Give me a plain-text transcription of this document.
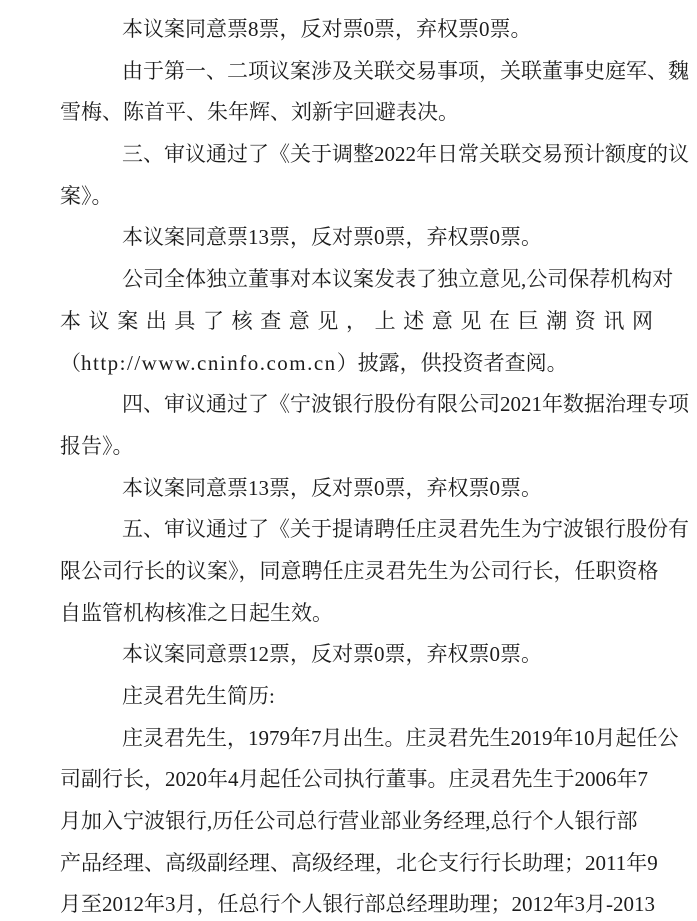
本议案同意票8票，反对票0票，弃权票0票。
由于第一、二项议案涉及关联交易事项，关联董事史庭军、魏
雪梅、陈首平、朱年辉、刘新宇回避表决。
三、审议通过了《关于调整2022年日常关联交易预计额度的议
案》。
本议案同意票13票，反对票0票，弃权票0票。
公司全体独立董事对本议案发表了独立意见,公司保荐机构对
本议案出具了核查意见，上述意见在巨潮资讯网
（http://www.cninfo.com.cn）披露，供投资者查阅。
四、审议通过了《宁波银行股份有限公司2021年数据治理专项
报告》。
本议案同意票13票，反对票0票，弃权票0票。
五、审议通过了《关于提请聘任庄灵君先生为宁波银行股份有
限公司行长的议案》，同意聘任庄灵君先生为公司行长，任职资格
自监管机构核准之日起生效。
本议案同意票12票，反对票0票，弃权票0票。
庄灵君先生简历:
庄灵君先生，1979年7月出生。庄灵君先生2019年10月起任公
司副行长，2020年4月起任公司执行董事。庄灵君先生于2006年7
月加入宁波银行,历任公司总行营业部业务经理,总行个人银行部
产品经理、高级副经理、高级经理，北仑支行行长助理；2011年9
月至2012年3月，任总行个人银行部总经理助理；2012年3月-2013
